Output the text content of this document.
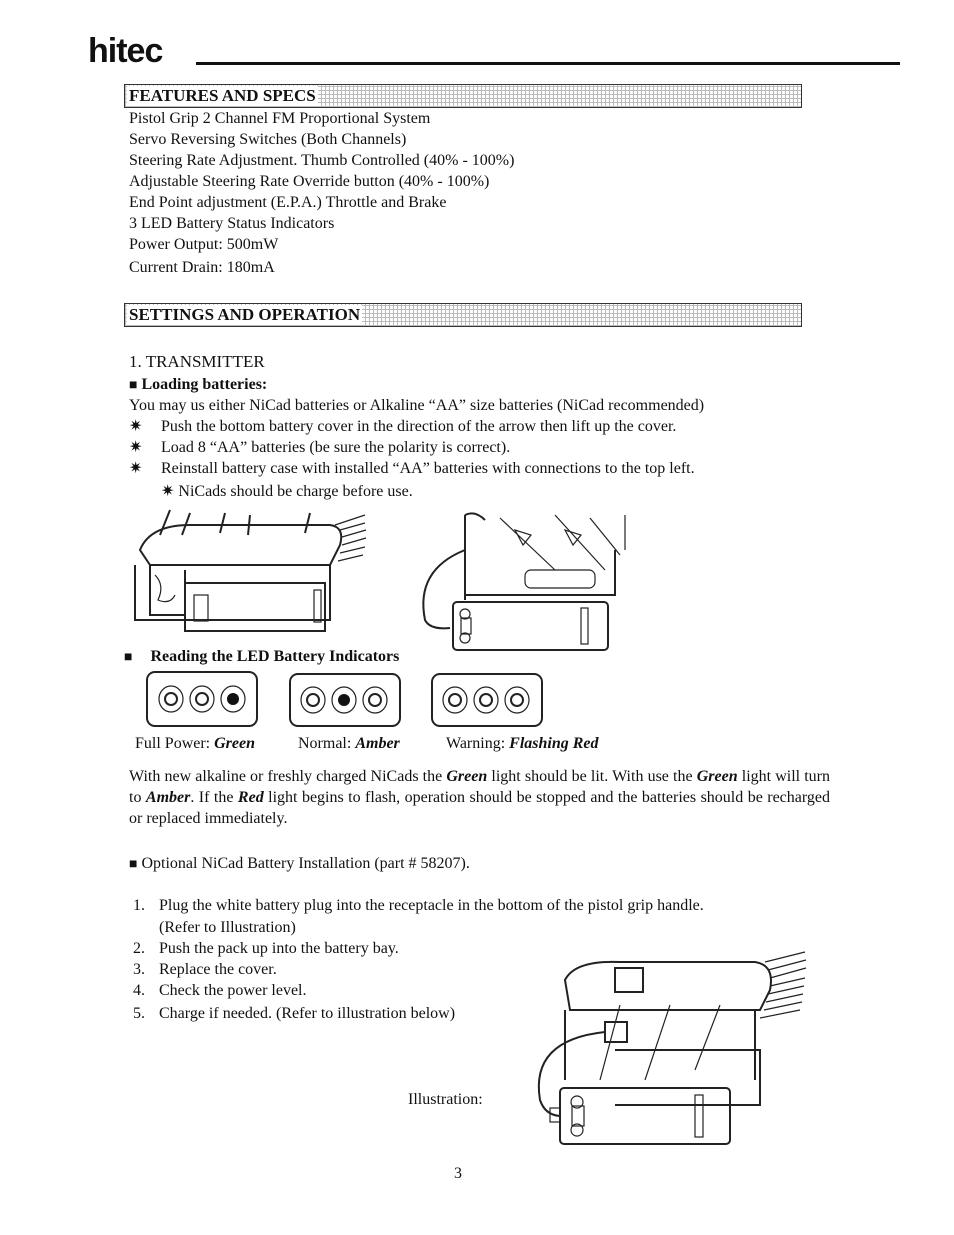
hitec
FEATURES AND SPECS
Pistol Grip 2 Channel FM Proportional System
Servo Reversing Switches (Both Channels)
Steering Rate Adjustment. Thumb Controlled (40% - 100%)
Adjustable Steering Rate Override button (40% - 100%)
End Point adjustment (E.P.A.) Throttle and Brake
3 LED Battery Status Indicators
Power Output: 500mW
Current Drain: 180mA
SETTINGS AND OPERATION
1. TRANSMITTER
■ Loading batteries:
You may us either NiCad batteries or Alkaline “AA” size batteries (NiCad recommended)
✷ Push the bottom battery cover in the direction of the arrow then lift up the cover.
✷ Load 8 “AA” batteries (be sure the polarity is correct).
✷ Reinstall battery case with installed “AA” batteries with connections to the top left.
✷ NiCads should be charge before use.
■ Reading the LED Battery Indicators
Full Power: Green	Normal: Amber	Warning: Flashing Red
With new alkaline or freshly charged NiCads the Green light should be lit. With use the Green light will turn to Amber. If the Red light begins to flash, operation should be stopped and the batteries should be recharged or replaced immediately.
■ Optional NiCad Battery Installation (part # 58207).
1. Plug the white battery plug into the receptacle in the bottom of the pistol grip handle.
(Refer to Illustration)
2. Push the pack up into the battery bay.
3. Replace the cover.
4. Check the power level.
5. Charge if needed. (Refer to illustration below)
Illustration:
3
